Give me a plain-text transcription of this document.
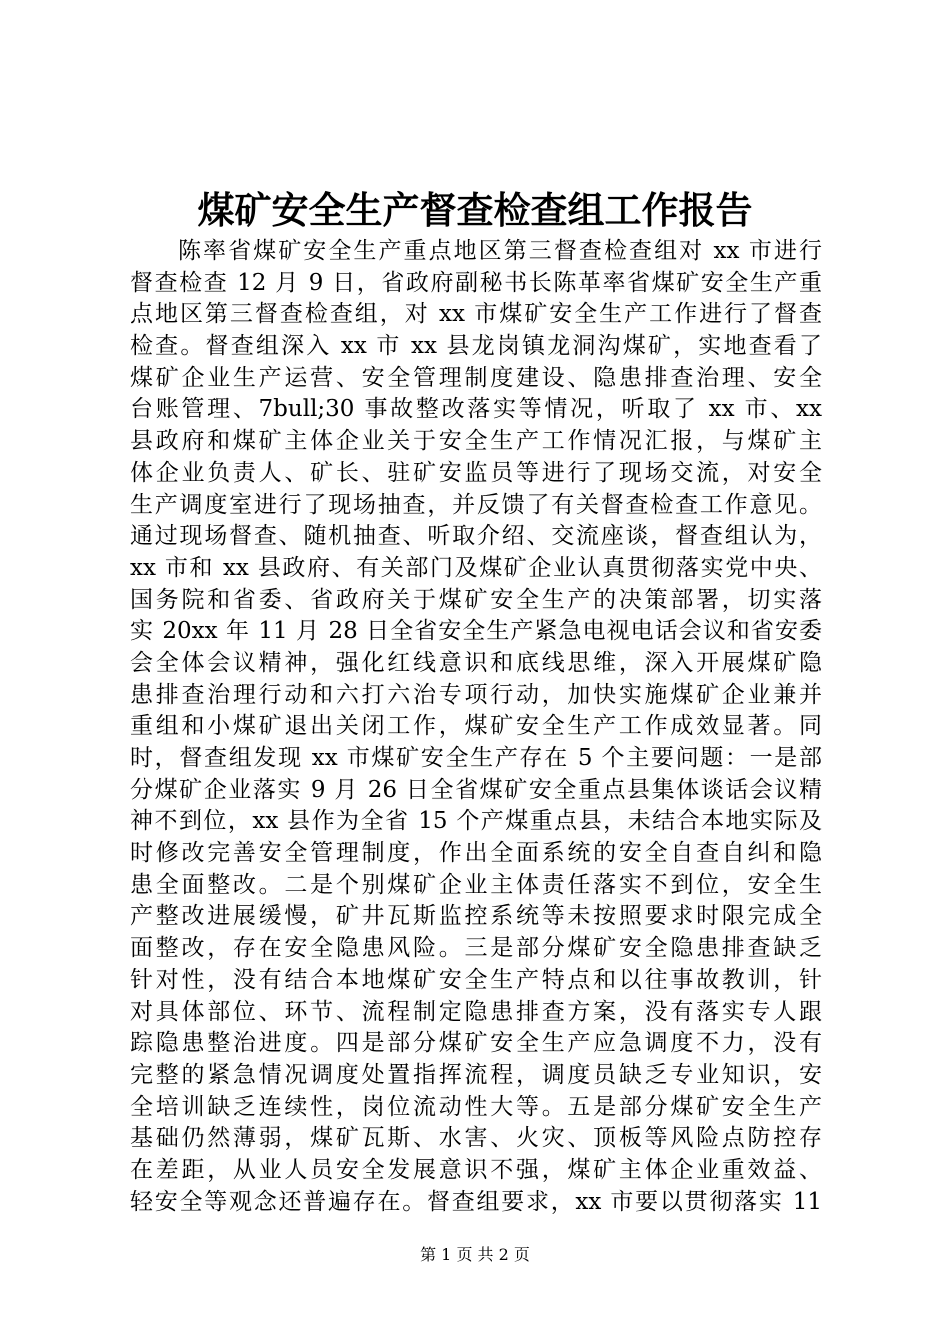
煤矿安全生产督查检查组工作报告
陈率省煤矿安全生产重点地区第三督查检查组对 xx 市进行
督查检查 12 月 9 日，省政府副秘书长陈革率省煤矿安全生产重
点地区第三督查检查组，对 xx 市煤矿安全生产工作进行了督查
检查。督查组深入 xx 市 xx 县龙岗镇龙洞沟煤矿，实地查看了
煤矿企业生产运营、安全管理制度建设、隐患排查治理、安全
台账管理、7bull;30 事故整改落实等情况，听取了 xx 市、xx
县政府和煤矿主体企业关于安全生产工作情况汇报，与煤矿主
体企业负责人、矿长、驻矿安监员等进行了现场交流，对安全
生产调度室进行了现场抽查，并反馈了有关督查检查工作意见。
通过现场督查、随机抽查、听取介绍、交流座谈，督查组认为，
xx 市和 xx 县政府、有关部门及煤矿企业认真贯彻落实党中央、
国务院和省委、省政府关于煤矿安全生产的决策部署，切实落
实 20xx 年 11 月 28 日全省安全生产紧急电视电话会议和省安委
会全体会议精神，强化红线意识和底线思维，深入开展煤矿隐
患排查治理行动和六打六治专项行动，加快实施煤矿企业兼并
重组和小煤矿退出关闭工作，煤矿安全生产工作成效显著。同
时，督查组发现 xx 市煤矿安全生产存在 5 个主要问题：一是部
分煤矿企业落实 9 月 26 日全省煤矿安全重点县集体谈话会议精
神不到位，xx 县作为全省 15 个产煤重点县，未结合本地实际及
时修改完善安全管理制度，作出全面系统的安全自查自纠和隐
患全面整改。二是个别煤矿企业主体责任落实不到位，安全生
产整改进展缓慢，矿井瓦斯监控系统等未按照要求时限完成全
面整改，存在安全隐患风险。三是部分煤矿安全隐患排查缺乏
针对性，没有结合本地煤矿安全生产特点和以往事故教训，针
对具体部位、环节、流程制定隐患排查方案，没有落实专人跟
踪隐患整治进度。四是部分煤矿安全生产应急调度不力，没有
完整的紧急情况调度处置指挥流程，调度员缺乏专业知识，安
全培训缺乏连续性，岗位流动性大等。五是部分煤矿安全生产
基础仍然薄弱，煤矿瓦斯、水害、火灾、顶板等风险点防控存
在差距，从业人员安全发展意识不强，煤矿主体企业重效益、
轻安全等观念还普遍存在。督查组要求，xx 市要以贯彻落实 11
第 1 页 共 2 页
